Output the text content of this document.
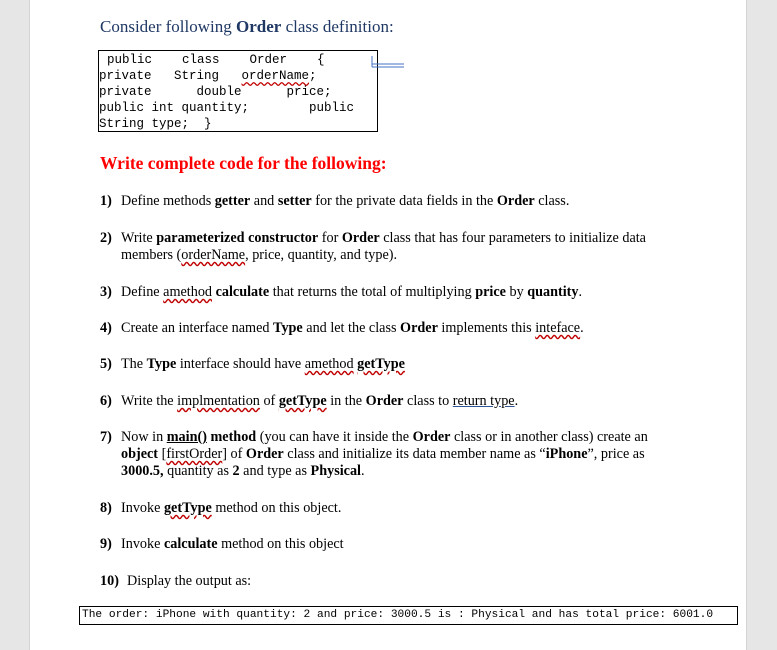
Consider following Order class definition:
public    class    Order    {
private   String   orderName;
private      double      price;
public int quantity;        public
String type;  }
Write complete code for the following:
1) Define methods getter and setter for the private data fields in the Order class.
2) Write parameterized constructor for Order class that has four parameters to initialize data
members (orderName, price, quantity, and type).
3) Define amethod calculate that returns the total of multiplying price by quantity.
4) Create an interface named Type and let the class Order implements this inteface.
5) The Type interface should have amethod getType
6) Write the implmentation of getType in the Order class to return type.
7) Now in main() method (you can have it inside the Order class or in another class) create an
object [firstOrder] of Order class and initialize its data member name as “iPhone”, price as
3000.5, quantity as 2 and type as Physical.
8) Invoke getType method on this object.
9) Invoke calculate method on this object
10) Display the output as:
The order: iPhone with quantity: 2 and price: 3000.5 is : Physical and has total price: 6001.0
